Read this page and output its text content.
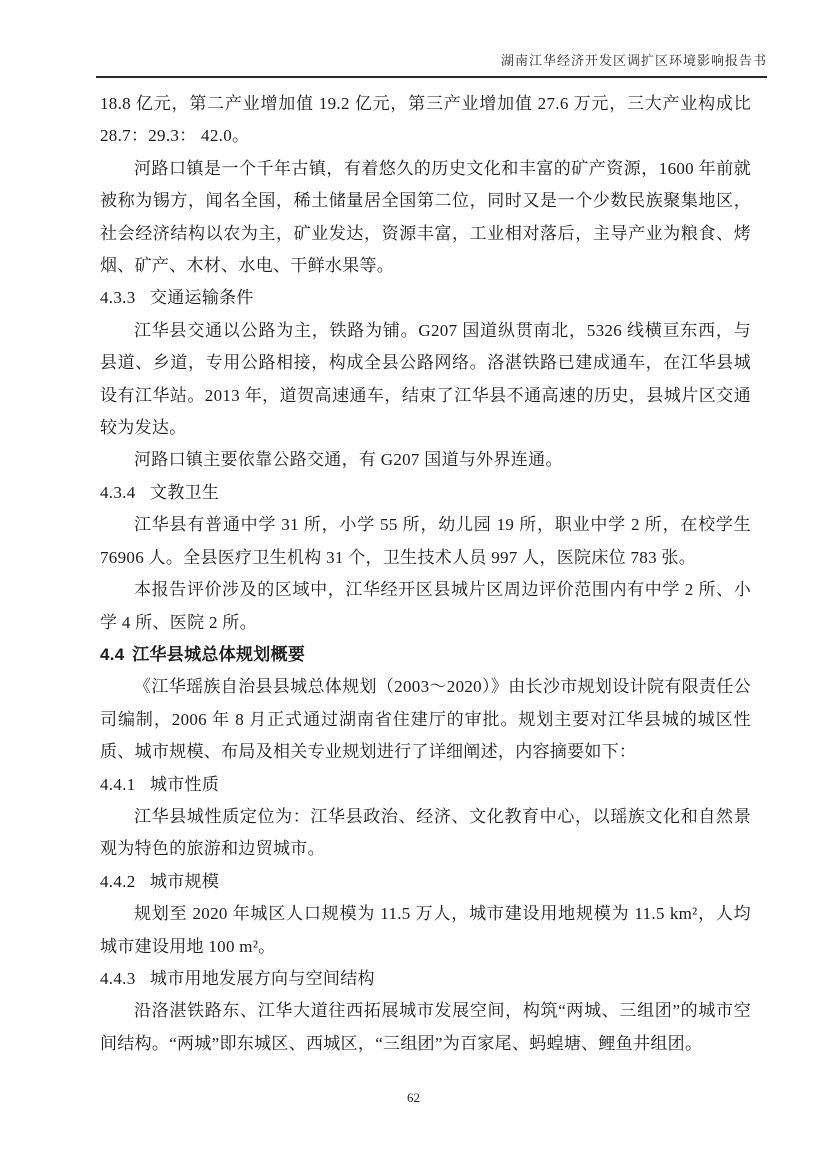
湖南江华经济开发区调扩区环境影响报告书

18.8 亿元，第二产业增加值 19.2 亿元，第三产业增加值 27.6 万元，三大产业构成比 28.7：29.3： 42.0。

河路口镇是一个千年古镇，有着悠久的历史文化和丰富的矿产资源，1600 年前就被称为锡方，闻名全国，稀土储量居全国第二位，同时又是一个少数民族聚集地区，社会经济结构以农为主，矿业发达，资源丰富，工业相对落后，主导产业为粮食、烤烟、矿产、木材、水电、干鲜水果等。

4.3.3 交通运输条件

江华县交通以公路为主，铁路为铺。G207 国道纵贯南北，5326 线横亘东西，与县道、乡道，专用公路相接，构成全县公路网络。洛湛铁路已建成通车，在江华县城设有江华站。2013 年，道贺高速通车，结束了江华县不通高速的历史，县城片区交通较为发达。

河路口镇主要依靠公路交通，有 G207 国道与外界连通。

4.3.4 文教卫生

江华县有普通中学 31 所，小学 55 所，幼儿园 19 所，职业中学 2 所，在校学生 76906 人。全县医疗卫生机构 31 个，卫生技术人员 997 人，医院床位 783 张。

本报告评价涉及的区域中，江华经开区县城片区周边评价范围内有中学 2 所、小学 4 所、医院 2 所。

4.4 江华县城总体规划概要

《江华瑶族自治县县城总体规划（2003～2020）》由长沙市规划设计院有限责任公司编制，2006 年 8 月正式通过湖南省住建厅的审批。规划主要对江华县城的城区性质、城市规模、布局及相关专业规划进行了详细阐述，内容摘要如下：

4.4.1 城市性质

江华县城性质定位为：江华县政治、经济、文化教育中心，以瑶族文化和自然景观为特色的旅游和边贸城市。

4.4.2 城市规模

规划至 2020 年城区人口规模为 11.5 万人，城市建设用地规模为 11.5 km²，人均城市建设用地 100 m²。

4.4.3 城市用地发展方向与空间结构

沿洛湛铁路东、江华大道往西拓展城市发展空间，构筑“两城、三组团”的城市空间结构。“两城”即东城区、西城区，“三组团”为百家尾、蚂蝗塘、鲤鱼井组团。

62
